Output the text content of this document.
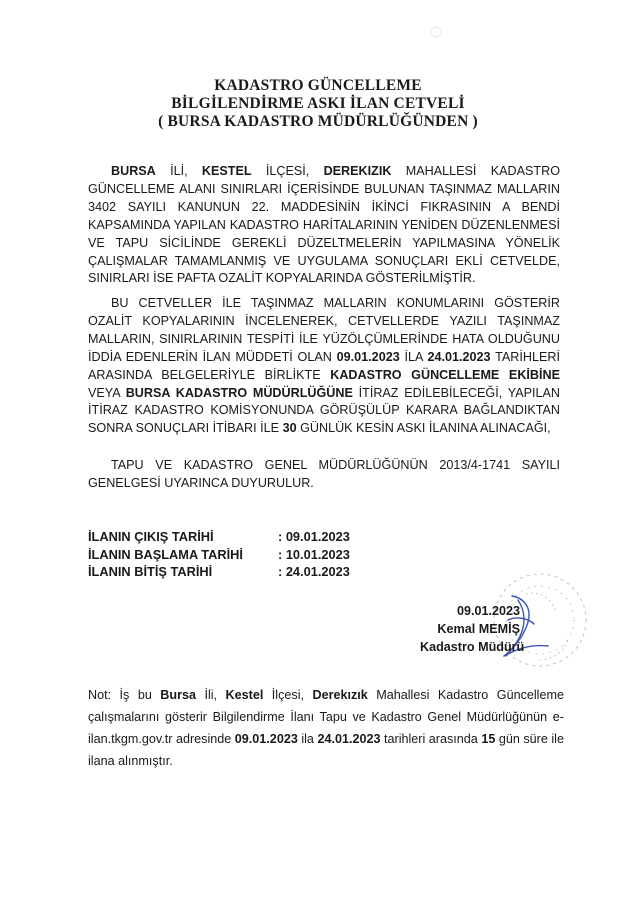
KADASTRO GÜNCELLEME
BİLGİLENDİRME ASKI İLAN CETVELİ
( BURSA KADASTRO MÜDÜRLÜĞÜNDEN )
BURSA İLİ, KESTEL İLÇESİ, DEREKIZIK MAHALLESİ KADASTRO GÜNCELLEME ALANI SINIRLARI İÇERİSİNDE BULUNAN TAŞINMAZ MALLARIN 3402 SAYILI KANUNUN 22. MADDESİNİN İKİNCİ FIKRASININ A BENDİ KAPSAMINDA YAPILAN KADASTRO HARİTALARININ YENİDEN DÜZENLENMESİ VE TAPU SİCİLİNDE GEREKLİ DÜZELTMELERİN YAPILMASINA YÖNELİK ÇALIŞMALAR TAMAMLANMIŞ VE UYGULAMA SONUÇLARI EKLİ CETVELDE, SINIRLARI İSE PAFTA OZALİT KOPYALARINDA GÖSTERİLMİŞTİR.
BU CETVELLER İLE TAŞINMAZ MALLARIN KONUMLARINI GÖSTERİR OZALİT KOPYALARININ İNCELENEREK, CETVELLERDE YAZILI TAŞINMAZ MALLARIN, SINIRLARININ TESPİTİ İLE YÜZÖLÇÜMLERİNDE HATA OLDUĞUNU İDDİA EDENLERİN İLAN MÜDDETİ OLAN 09.01.2023 İLA 24.01.2023 TARİHLERİ ARASINDA BELGELERİYLE BİRLİKTE KADASTRO GÜNCELLEME EKİBİNE VEYA BURSA KADASTRO MÜDÜRLÜĞÜNE İTİRAZ EDİLEBİLECEĞİ, YAPILAN İTİRAZ KADASTRO KOMİSYONUNDA GÖRÜŞÜLÜP KARARA BAĞLANDIKTAN SONRA SONUÇLARI İTİBARI İLE 30 GÜNLÜK KESİN ASKI İLANINA ALINACAĞI,
TAPU VE KADASTRO GENEL MÜDÜRLÜĞÜNÜN 2013/4-1741 SAYILI GENELGESİ UYARINCA DUYURULUR.
İLANIN ÇIKIŞ TARİHİ	: 09.01.2023
İLANIN BAŞLAMA TARİHİ	: 10.01.2023
İLANIN BİTİŞ TARİHİ	: 24.01.2023
09.01.2023
Kemal MEMİŞ
Kadastro Müdürü
Not: İş bu Bursa İli, Kestel İlçesi, Derekızık Mahallesi Kadastro Güncelleme çalışmalarını gösterir Bilgilendirme İlanı Tapu ve Kadastro Genel Müdürlüğünün e-ilan.tkgm.gov.tr adresinde 09.01.2023 ila 24.01.2023 tarihleri arasında 15 gün süre ile ilana alınmıştır.
